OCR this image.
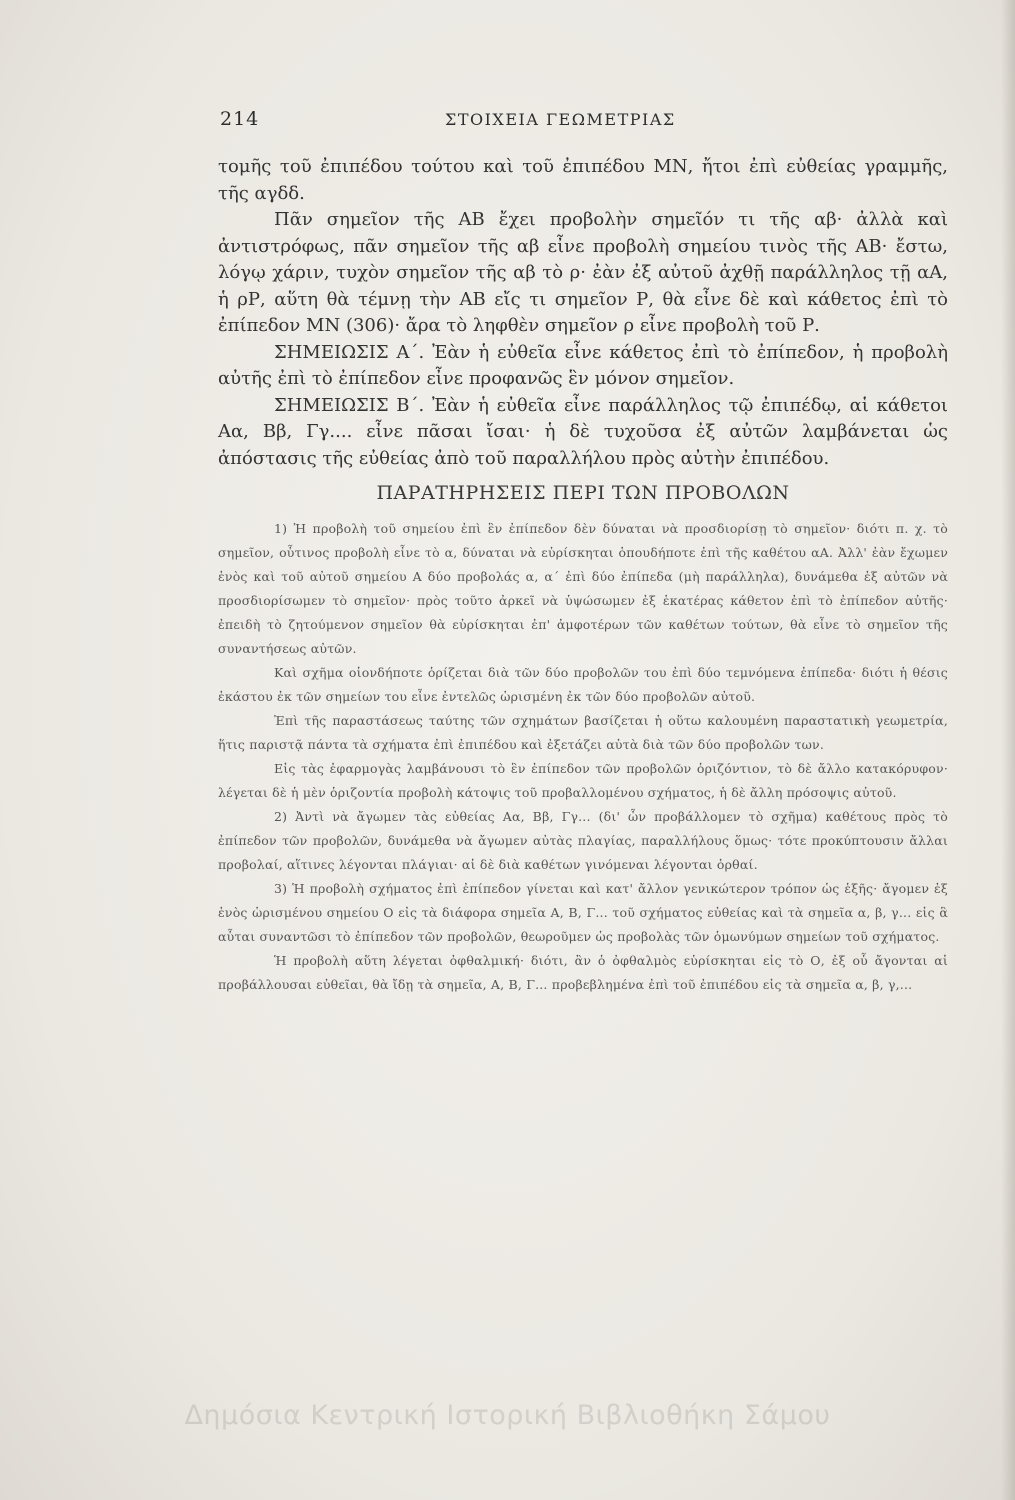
214	ΣΤΟΙΧΕΙΑ ΓΕΩΜΕΤΡΙΑΣ

τομῆς τοῦ ἐπιπέδου τούτου καὶ τοῦ ἐπιπέδου ΜΝ, ἤτοι ἐπὶ εὐθείας γραμμῆς, τῆς αγδδ.

Πᾶν σημεῖον τῆς ΑΒ ἔχει προβολὴν σημεῖόν τι τῆς αβ· ἀλλὰ καὶ ἀντιστρόφως, πᾶν σημεῖον τῆς αβ εἶνε προβολὴ σημείου τινὸς τῆς ΑΒ· ἔστω, λόγῳ χάριν, τυχὸν σημεῖον τῆς αβ τὸ ρ· ἐὰν ἐξ αὐτοῦ ἀχθῇ παράλληλος τῇ αΑ, ἡ ρΡ, αὕτη θὰ τέμνῃ τὴν ΑΒ εἴς τι σημεῖον Ρ, θὰ εἶνε δὲ καὶ κάθετος ἐπὶ τὸ ἐπίπεδον ΜΝ (306)· ἄρα τὸ ληφθὲν σημεῖον ρ εἶνε προβολὴ τοῦ Ρ.

ΣΗΜΕΙΩΣΙΣ Α΄. Ἐὰν ἡ εὐθεῖα εἶνε κάθετος ἐπὶ τὸ ἐπίπεδον, ἡ προβολὴ αὐτῆς ἐπὶ τὸ ἐπίπεδον εἶνε προφανῶς ἓν μόνον σημεῖον.

ΣΗΜΕΙΩΣΙΣ Β΄. Ἐὰν ἡ εὐθεῖα εἶνε παράλληλος τῷ ἐπιπέδῳ, αἱ κάθετοι Αα, Ββ, Γγ.... εἶνε πᾶσαι ἴσαι· ἡ δὲ τυχοῦσα ἐξ αὐτῶν λαμβάνεται ὡς ἀπόστασις τῆς εὐθείας ἀπὸ τοῦ παραλλήλου πρὸς αὐτὴν ἐπιπέδου.

ΠΑΡΑΤΗΡΗΣΕΙΣ ΠΕΡΙ ΤΩΝ ΠΡΟΒΟΛΩΝ

1) Ἡ προβολὴ τοῦ σημείου ἐπὶ ἓν ἐπίπεδον δὲν δύναται νὰ προσδιορίσῃ τὸ σημεῖον· διότι π. χ. τὸ σημεῖον, οὗτινος προβολὴ εἶνε τὸ α, δύναται νὰ εὑρίσκηται ὁπουδήποτε ἐπὶ τῆς καθέτου αΑ. Ἀλλ' ἐὰν ἔχωμεν ἑνὸς καὶ τοῦ αὐτοῦ σημείου Α δύο προβολάς α, α΄ ἐπὶ δύο ἐπίπεδα (μὴ παράλληλα), δυνάμεθα ἐξ αὐτῶν νὰ προσδιορίσωμεν τὸ σημεῖον· πρὸς τοῦτο ἀρκεῖ νὰ ὑψώσωμεν ἐξ ἑκατέρας κάθετον ἐπὶ τὸ ἐπίπεδον αὐτῆς· ἐπειδὴ τὸ ζητούμενον σημεῖον θὰ εὑρίσκηται ἐπ' ἀμφοτέρων τῶν καθέτων τούτων, θὰ εἶνε τὸ σημεῖον τῆς συναντήσεως αὐτῶν.

Καὶ σχῆμα οἱονδήποτε ὁρίζεται διὰ τῶν δύο προβολῶν του ἐπὶ δύο τεμνόμενα ἐπίπεδα· διότι ἡ θέσις ἑκάστου ἐκ τῶν σημείων του εἶνε ἐντελῶς ὡρισμένη ἐκ τῶν δύο προβολῶν αὐτοῦ.

Ἐπὶ τῆς παραστάσεως ταύτης τῶν σχημάτων βασίζεται ἡ οὕτω καλουμένη παραστατικὴ γεωμετρία, ἥτις παριστᾷ πάντα τὰ σχήματα ἐπὶ ἐπιπέδου καὶ ἐξετάζει αὐτὰ διὰ τῶν δύο προβολῶν των.

Εἰς τὰς ἐφαρμογὰς λαμβάνουσι τὸ ἓν ἐπίπεδον τῶν προβολῶν ὁριζόντιον, τὸ δὲ ἄλλο κατακόρυφον· λέγεται δὲ ἡ μὲν ὁριζοντία προβολὴ κάτοψις τοῦ προβαλλομένου σχήματος, ἡ δὲ ἄλλη πρόσοψις αὐτοῦ.

2) Ἀντὶ νὰ ἄγωμεν τὰς εὐθείας Αα, Ββ, Γγ... (δι' ὧν προβάλλομεν τὸ σχῆμα) καθέτους πρὸς τὸ ἐπίπεδον τῶν προβολῶν, δυνάμεθα νὰ ἄγωμεν αὐτὰς πλαγίας, παραλλήλους ὅμως· τότε προκύπτουσιν ἄλλαι προβολαί, αἵτινες λέγονται πλάγιαι· αἱ δὲ διὰ καθέτων γινόμεναι λέγονται ὀρθαί.

3) Ἡ προβολὴ σχήματος ἐπὶ ἐπίπεδον γίνεται καὶ κατ' ἄλλον γενικώτερον τρόπον ὡς ἑξῆς· ἄγομεν ἐξ ἑνὸς ὡρισμένου σημείου Ο εἰς τὰ διάφορα σημεῖα Α, Β, Γ... τοῦ σχήματος εὐθείας καὶ τὰ σημεῖα α, β, γ... εἰς ἃ αὗται συναντῶσι τὸ ἐπίπεδον τῶν προβολῶν, θεωροῦμεν ὡς προβολὰς τῶν ὁμωνύμων σημείων τοῦ σχήματος.

Ἡ προβολὴ αὕτη λέγεται ὀφθαλμική· διότι, ἂν ὁ ὀφθαλμὸς εὑρίσκηται εἰς τὸ Ο, ἐξ οὗ ἄγονται αἱ προβάλλουσαι εὐθεῖαι, θὰ ἴδῃ τὰ σημεῖα, Α, Β, Γ... προβεβλημένα ἐπὶ τοῦ ἐπιπέδου εἰς τὰ σημεῖα α, β, γ,...

Δημόσια Κεντρική Ιστορική Βιβλιοθήκη Σάμου
